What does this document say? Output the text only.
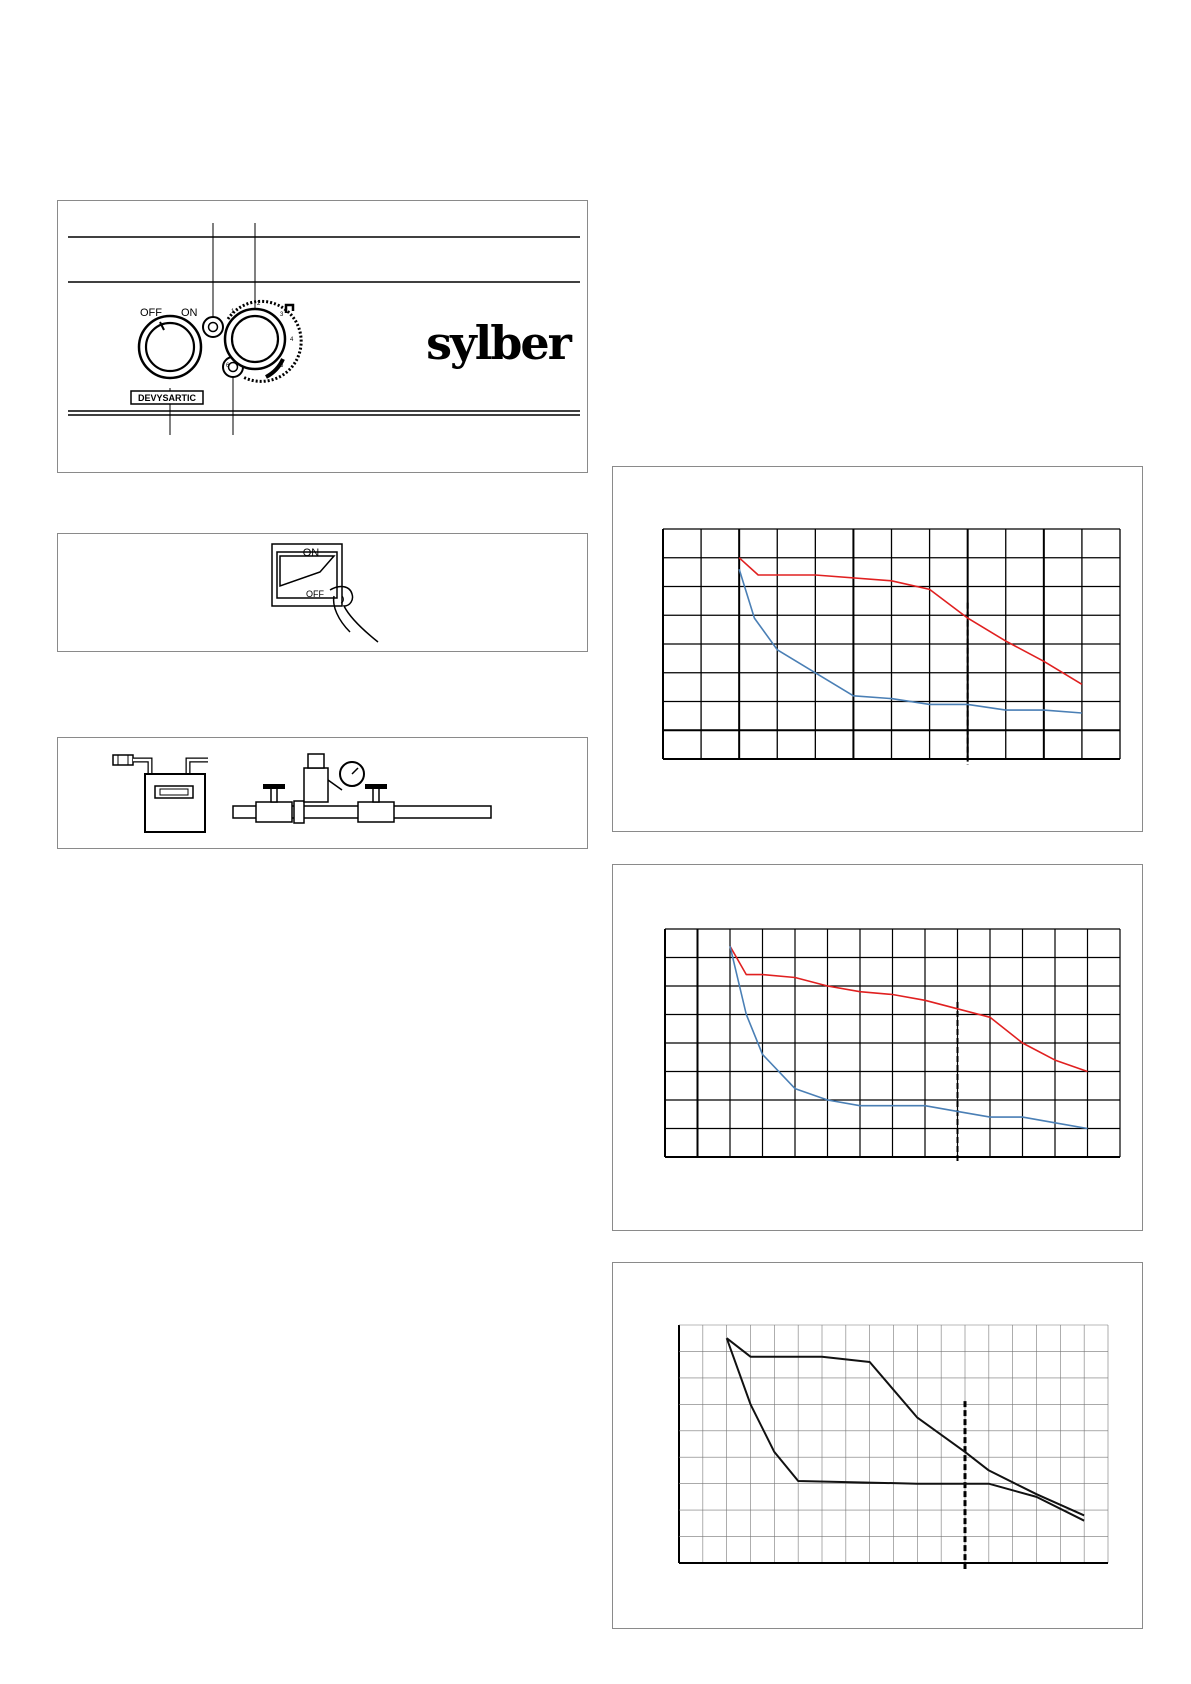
1
2
3
4
5
6
OFF ON
DEVYSARTIC
sylber
ON
OFF
